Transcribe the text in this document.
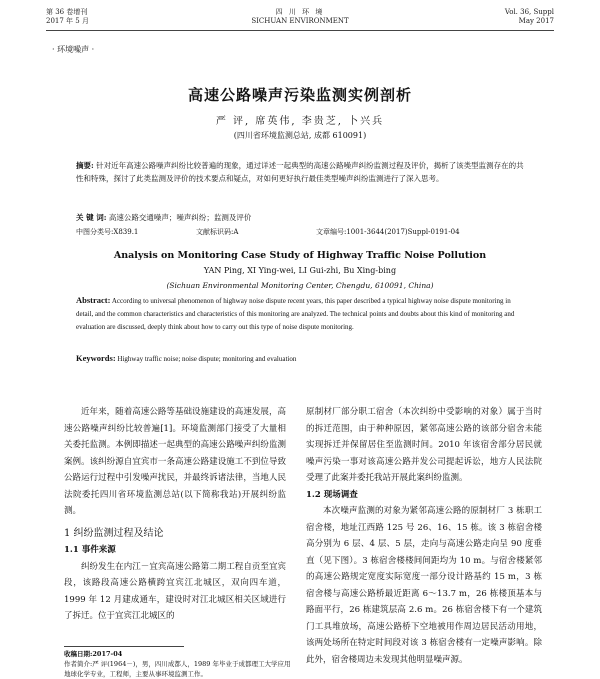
第 36 卷增刊
2017 年 5 月
四 川 环 境
SICHUAN ENVIRONMENT
Vol. 36, Suppl
May 2017
· 环境噪声 ·
高速公路噪声污染监测实例剖析
严 评, 席英伟, 李贵芝, 卜兴兵
(四川省环境监测总站, 成都 610091)
摘要: 针对近年高速公路噪声纠纷比较普遍的现象，通过详述一起典型的高速公路噪声纠纷监测过程及评价，揭析了该类型监测存在的共性和特殊，探讨了此类监测及评价的技术要点和疑点，对如何更好执行最佳类型噪声纠纷监测进行了深入思考。
关 键 词: 高速公路交通噪声；噪声纠纷；监测及评价
中图分类号:X839.1	文献标识码:A	文章编号:1001-3644(2017)Suppl-0191-04
Analysis on Monitoring Case Study of Highway Traffic Noise Pollution
YAN Ping, XI Ying-wei, LI Gui-zhi, Bu Xing-bing
(Sichuan Environmental Monitoring Center, Chengdu, 610091, China)
Abstract: According to universal phenomenon of highway noise dispute recent years, this paper described a typical highway noise dispute monitoring in detail, and the common characteristics and characteristics of this monitoring are analyzed. The technical points and doubts about this kind of monitoring and evaluation are discussed, deeply think about how to carry out this type of noise dispute monitoring.
Keywords: Highway traffic noise; noise dispute; monitoring and evaluation
近年来，随着高速公路等基础设施建设的高速发展，高速公路噪声纠纷比较普遍[1]。环境监测部门接受了大量相关委托监测。本例即描述一起典型的高速公路噪声纠纷监测案例。该纠纷源自宜宾市一条高速公路建设施工不到位导致公路运行过程中引发噪声扰民，并最终诉诸法律，当地人民法院委托四川省环境监测总站(以下简称我站)开展纠纷监测。
1 纠纷监测过程及结论
1.1 事件来源
纠纷发生在内江－宜宾高速公路第二期工程自贡至宜宾段，该路段高速公路横跨宜宾江北城区，双向四车道，1999 年 12 月建成通车，建设时对江北城区相关区域进行了拆迁。位于宜宾江北城区的
收稿日期:2017-04
作者简介:严 评(1964－)，男，四川成都人，1989 年毕业于成都理工大学应用地球化学专业，工程师，主要从事环境监测工作。
原制材厂部分职工宿舍（本次纠纷中受影响的对象）属于当时的拆迁范围，由于种种原因，紧邻高速公路的该部分宿舍未能实现拆迁并保留居住至监测时间。2010 年该宿舍部分居民就噪声污染一事对该高速公路并发公司提起诉讼，地方人民法院受理了此案并委托我站开展此案纠纷监测。
1.2 现场调查
本次噪声监测的对象为紧邻高速公路的原制材厂 3 栋职工宿舍楼，地址江西路 125 号 26、16、15 栋。该 3 栋宿舍楼高分别为 6 层、4 层、5 层，走向与高速公路走向呈 90 度垂直（见下图）。3 栋宿舍楼楼间间距均为 10 m。与宿舍楼紧邻的高速公路规定宽度实际宽度一部分设计路基约 15 m，3 栋宿舍楼与高速公路桥最近距离 6～13.7 m，26 栋楼顶基本与路面平行，26 栋建筑层高 2.6 m。26 栋宿舍楼下有一个建筑门工具堆放场，高速公路桥下空地被用作周边居民活动用地，该两处场所在特定时间段对该 3 栋宿舍楼有一定噪声影响。除此外，宿舍楼周边未发现其他明显噪声源。
